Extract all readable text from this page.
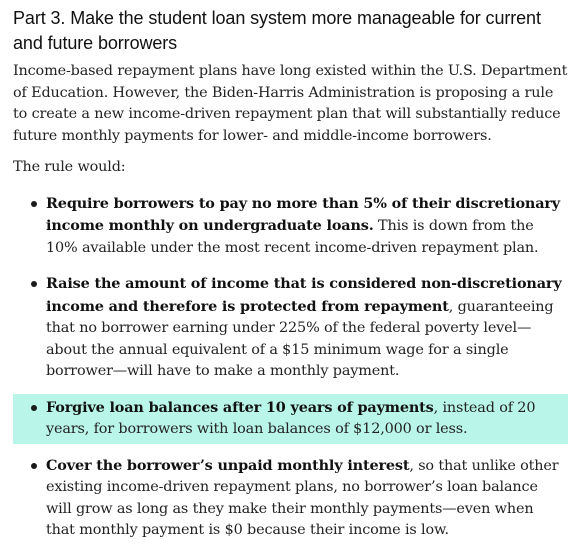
Part 3. Make the student loan system more manageable for current and future borrowers

Income-based repayment plans have long existed within the U.S. Department of Education. However, the Biden-Harris Administration is proposing a rule to create a new income-driven repayment plan that will substantially reduce future monthly payments for lower- and middle-income borrowers.

The rule would:

Require borrowers to pay no more than 5% of their discretionary income monthly on undergraduate loans. This is down from the 10% available under the most recent income-driven repayment plan.
Raise the amount of income that is considered non-discretionary income and therefore is protected from repayment, guaranteeing that no borrower earning under 225% of the federal poverty level—about the annual equivalent of a $15 minimum wage for a single borrower—will have to make a monthly payment.
Forgive loan balances after 10 years of payments, instead of 20 years, for borrowers with loan balances of $12,000 or less.
Cover the borrower’s unpaid monthly interest, so that unlike other existing income-driven repayment plans, no borrower’s loan balance will grow as long as they make their monthly payments—even when that monthly payment is $0 because their income is low.
